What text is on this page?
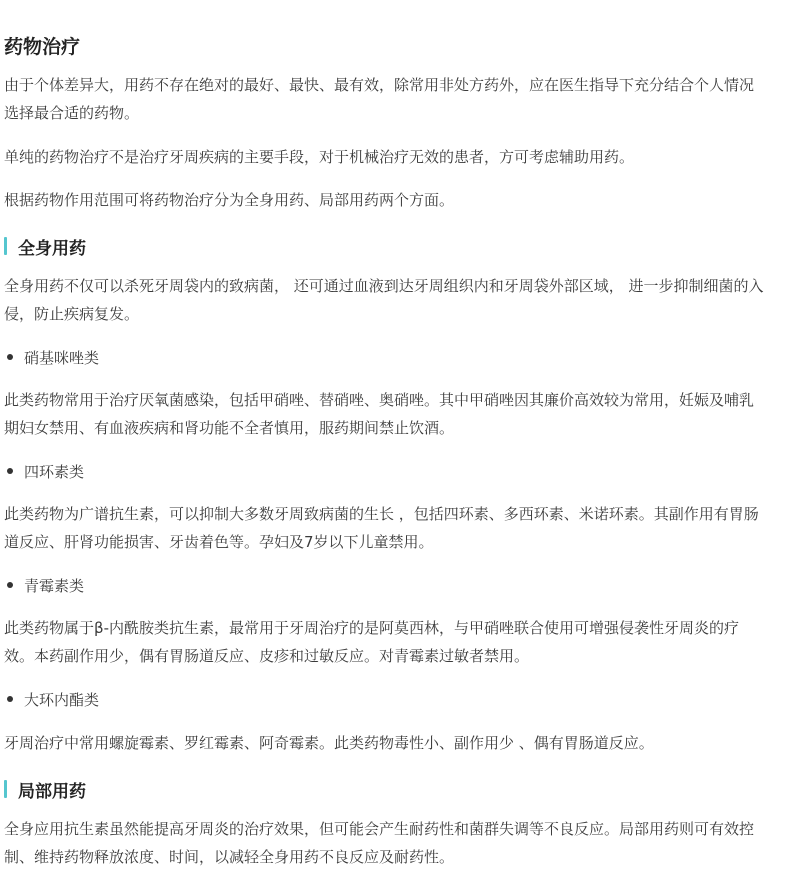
药物治疗

由于个体差异大，用药不存在绝对的最好、最快、最有效，除常用非处方药外，应在医生指导下充分结合个人情况选择最合适的药物。

单纯的药物治疗不是治疗牙周疾病的主要手段，对于机械治疗无效的患者，方可考虑辅助用药。

根据药物作用范围可将药物治疗分为全身用药、局部用药两个方面。

全身用药

全身用药不仅可以杀死牙周袋内的致病菌， 还可通过血液到达牙周组织内和牙周袋外部区域， 进一步抑制细菌的入侵，防止疾病复发。

硝基咪唑类

此类药物常用于治疗厌氧菌感染，包括甲硝唑、替硝唑、奥硝唑。其中甲硝唑因其廉价高效较为常用，妊娠及哺乳期妇女禁用、有血液疾病和肾功能不全者慎用，服药期间禁止饮酒。

四环素类

此类药物为广谱抗生素，可以抑制大多数牙周致病菌的生长 ，包括四环素、多西环素、米诺环素。其副作用有胃肠道反应、肝肾功能损害、牙齿着色等。孕妇及7岁以下儿童禁用。

青霉素类

此类药物属于β-内酰胺类抗生素，最常用于牙周治疗的是阿莫西林，与甲硝唑联合使用可增强侵袭性牙周炎的疗效。本药副作用少，偶有胃肠道反应、皮疹和过敏反应。对青霉素过敏者禁用。

大环内酯类

牙周治疗中常用螺旋霉素、罗红霉素、阿奇霉素。此类药物毒性小、副作用少 、偶有胃肠道反应。

局部用药

全身应用抗生素虽然能提高牙周炎的治疗效果，但可能会产生耐药性和菌群失调等不良反应。局部用药则可有效控制、维持药物释放浓度、时间，以减轻全身用药不良反应及耐药性。
